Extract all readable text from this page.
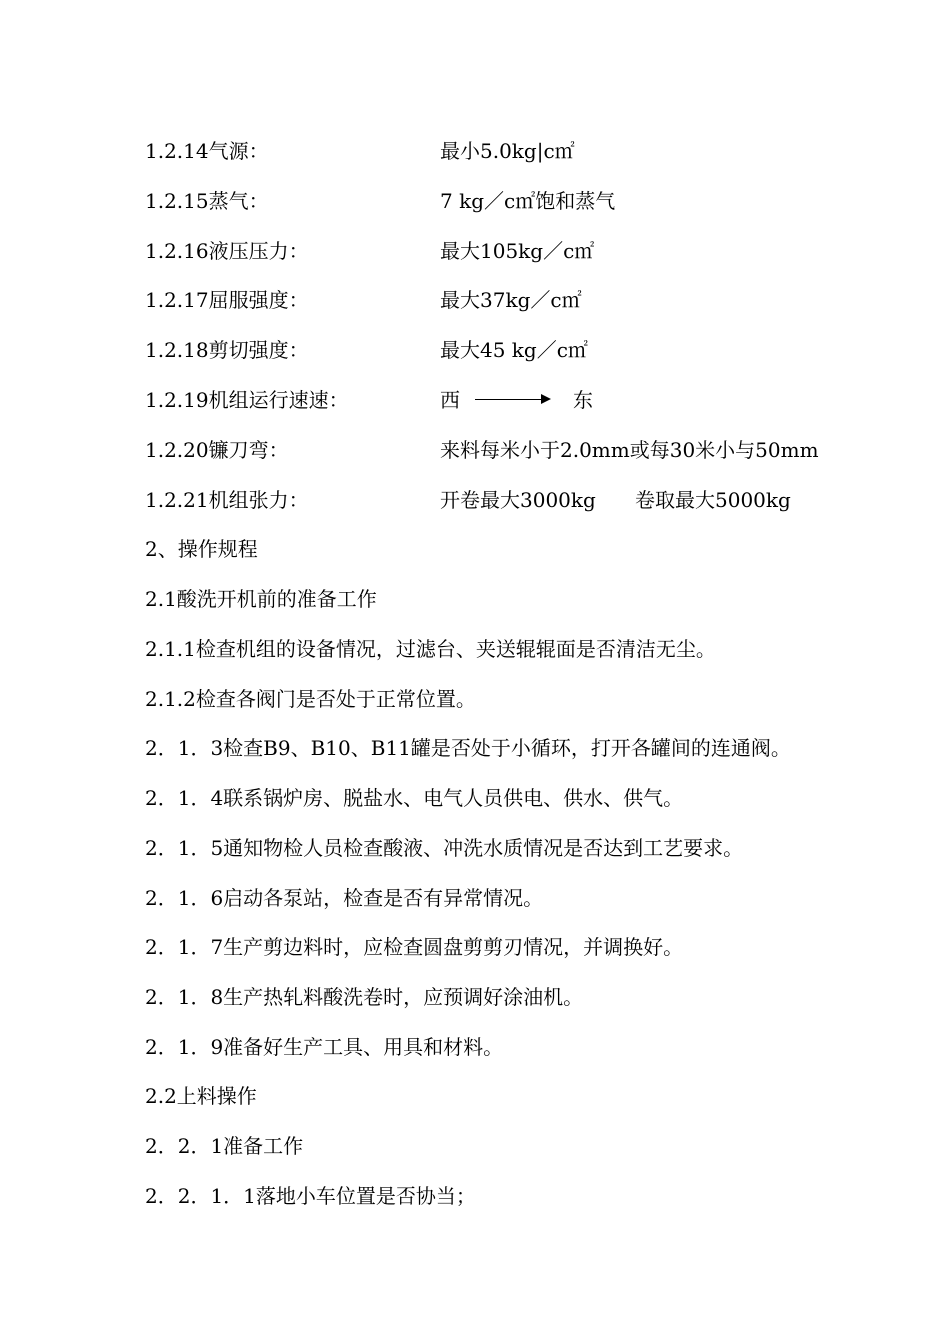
1.2.14气源：	最小5.0kg|c㎡
1.2.15蒸气：	7 kg／c㎡饱和蒸气
1.2.16液压压力：	最大105kg／c㎡
1.2.17屈服强度：	最大37kg／c㎡
1.2.18剪切强度：	最大45 kg／c㎡
1.2.19机组运行速速：	西	东
1.2.20镰刀弯：	来料每米小于2.0mm或每30米小与50mm
1.2.21机组张力：	开卷最大3000kg 卷取最大5000kg
2、操作规程
2.1酸洗开机前的准备工作
2.1.1检查机组的设备情况，过滤台、夹送辊辊面是否清洁无尘。
2.1.2检查各阀门是否处于正常位置。
2．1．3检查B9、B10、B11罐是否处于小循环，打开各罐间的连通阀。
2．1．4联系锅炉房、脱盐水、电气人员供电、供水、供气。
2．1．5通知物检人员检查酸液、冲洗水质情况是否达到工艺要求。
2．1．6启动各泵站，检查是否有异常情况。
2．1．7生产剪边料时，应检查圆盘剪剪刃情况，并调换好。
2．1．8生产热轧料酸洗卷时，应预调好涂油机。
2．1．9准备好生产工具、用具和材料。
2.2上料操作
2．2．1准备工作
2．2．1．1落地小车位置是否协当；
